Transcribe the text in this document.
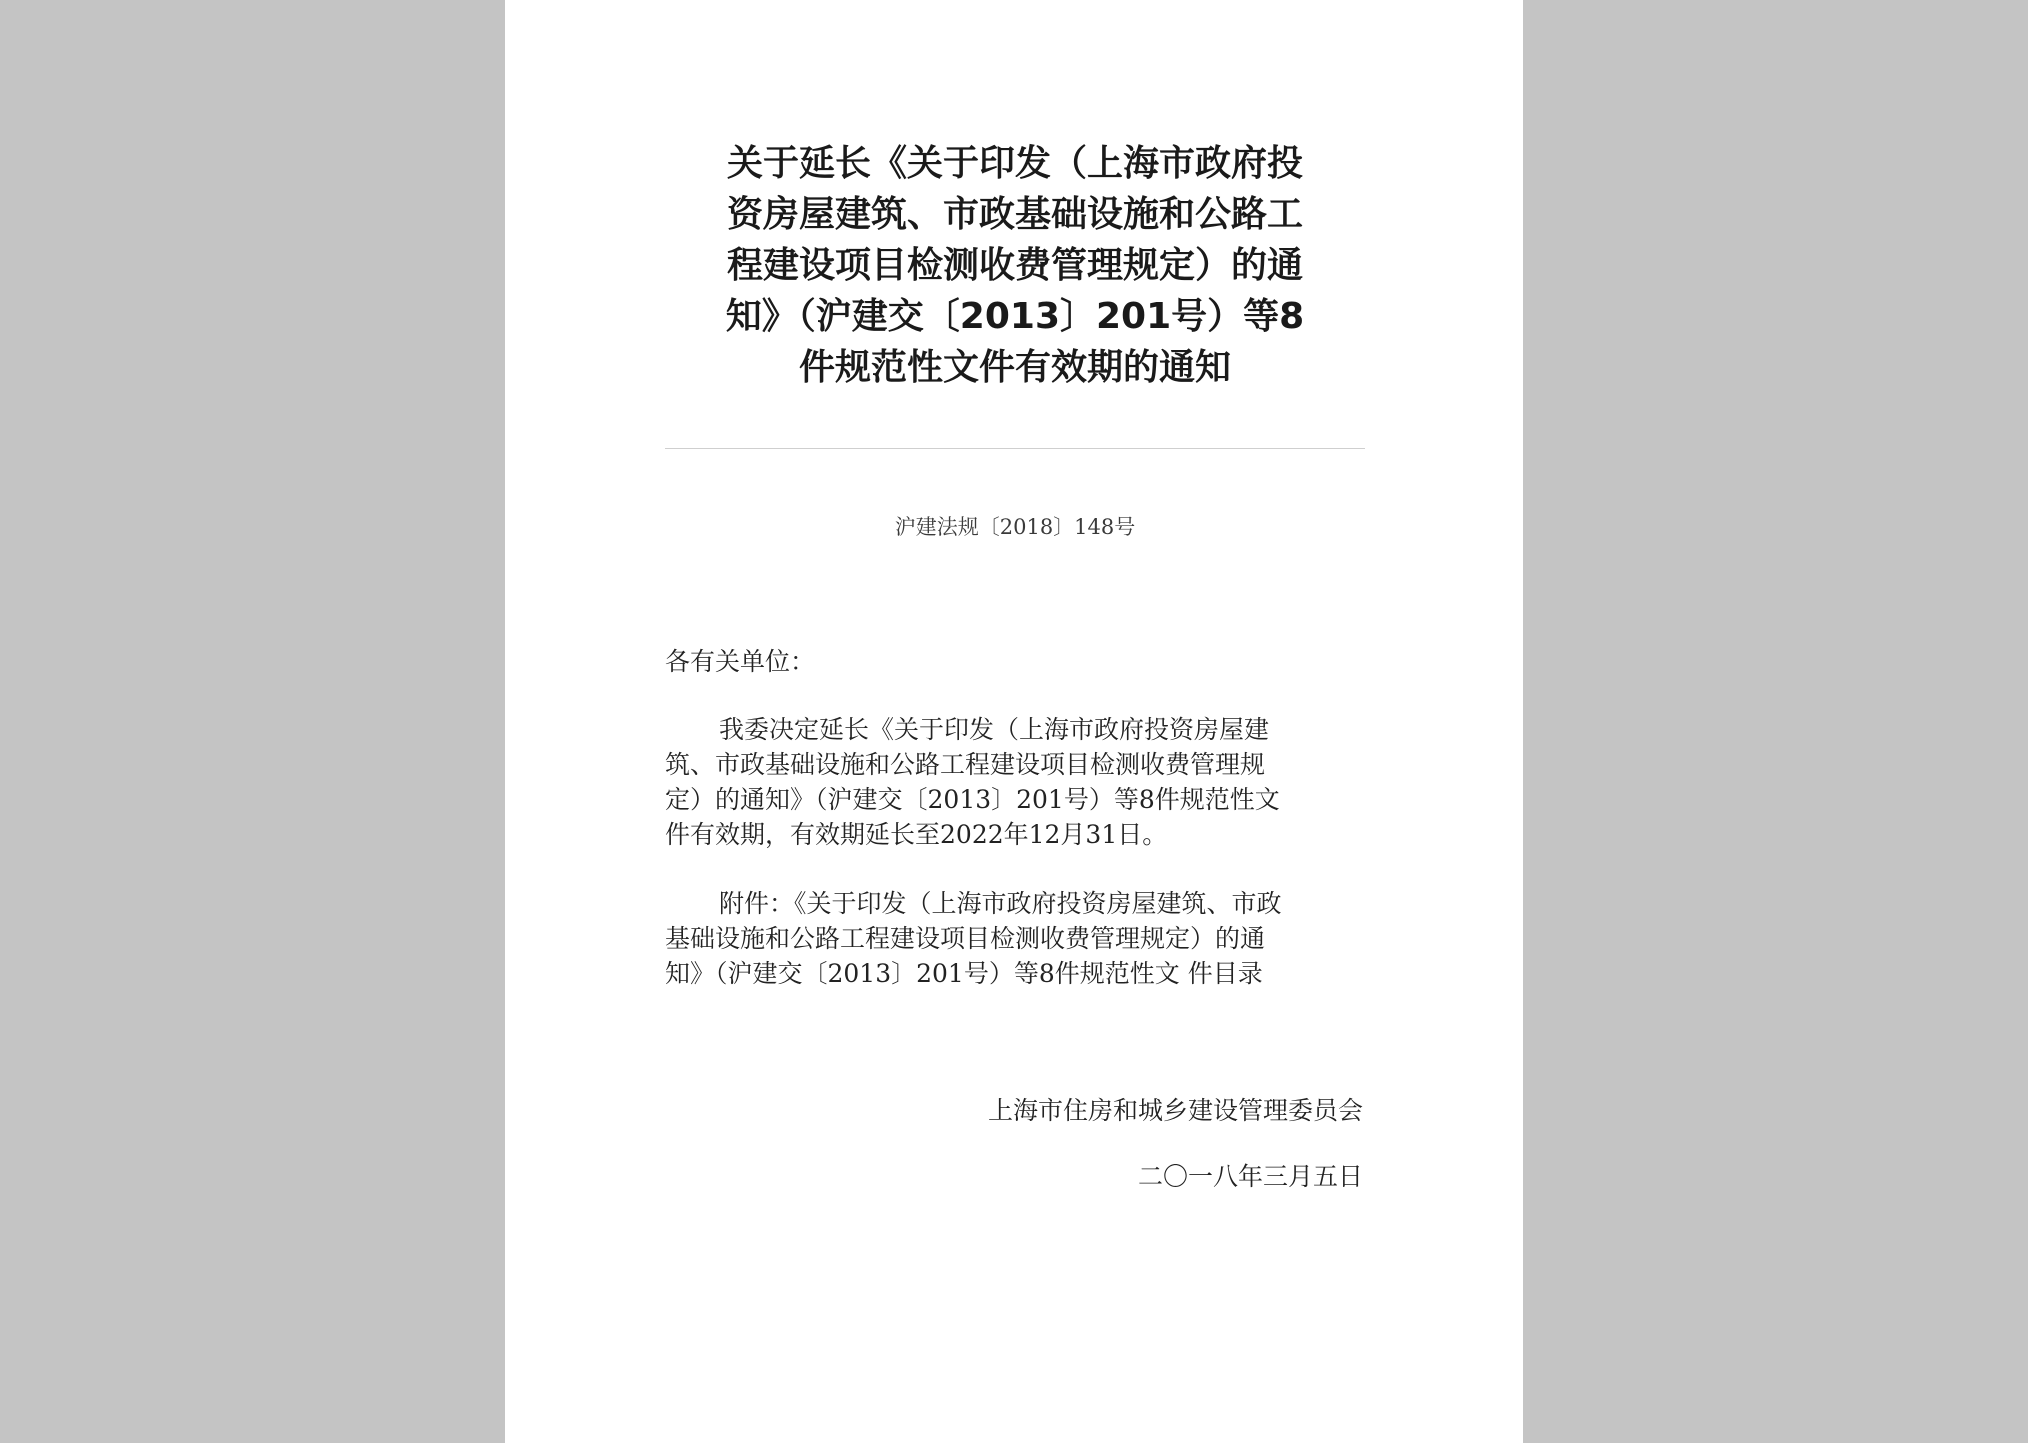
关于延长《关于印发（上海市政府投
资房屋建筑、市政基础设施和公路工
程建设项目检测收费管理规定）的通
知》（沪建交〔2013〕201号）等8
件规范性文件有效期的通知
沪建法规〔2018〕148号
各有关单位：
我委决定延长《关于印发（上海市政府投资房屋建
筑、市政基础设施和公路工程建设项目检测收费管理规
定）的通知》（沪建交〔2013〕201号）等8件规范性文
件有效期，有效期延长至2022年12月31日。
附件：《关于印发（上海市政府投资房屋建筑、市政
基础设施和公路工程建设项目检测收费管理规定）的通
知》（沪建交〔2013〕201号）等8件规范性文 件目录
上海市住房和城乡建设管理委员会
二〇一八年三月五日
